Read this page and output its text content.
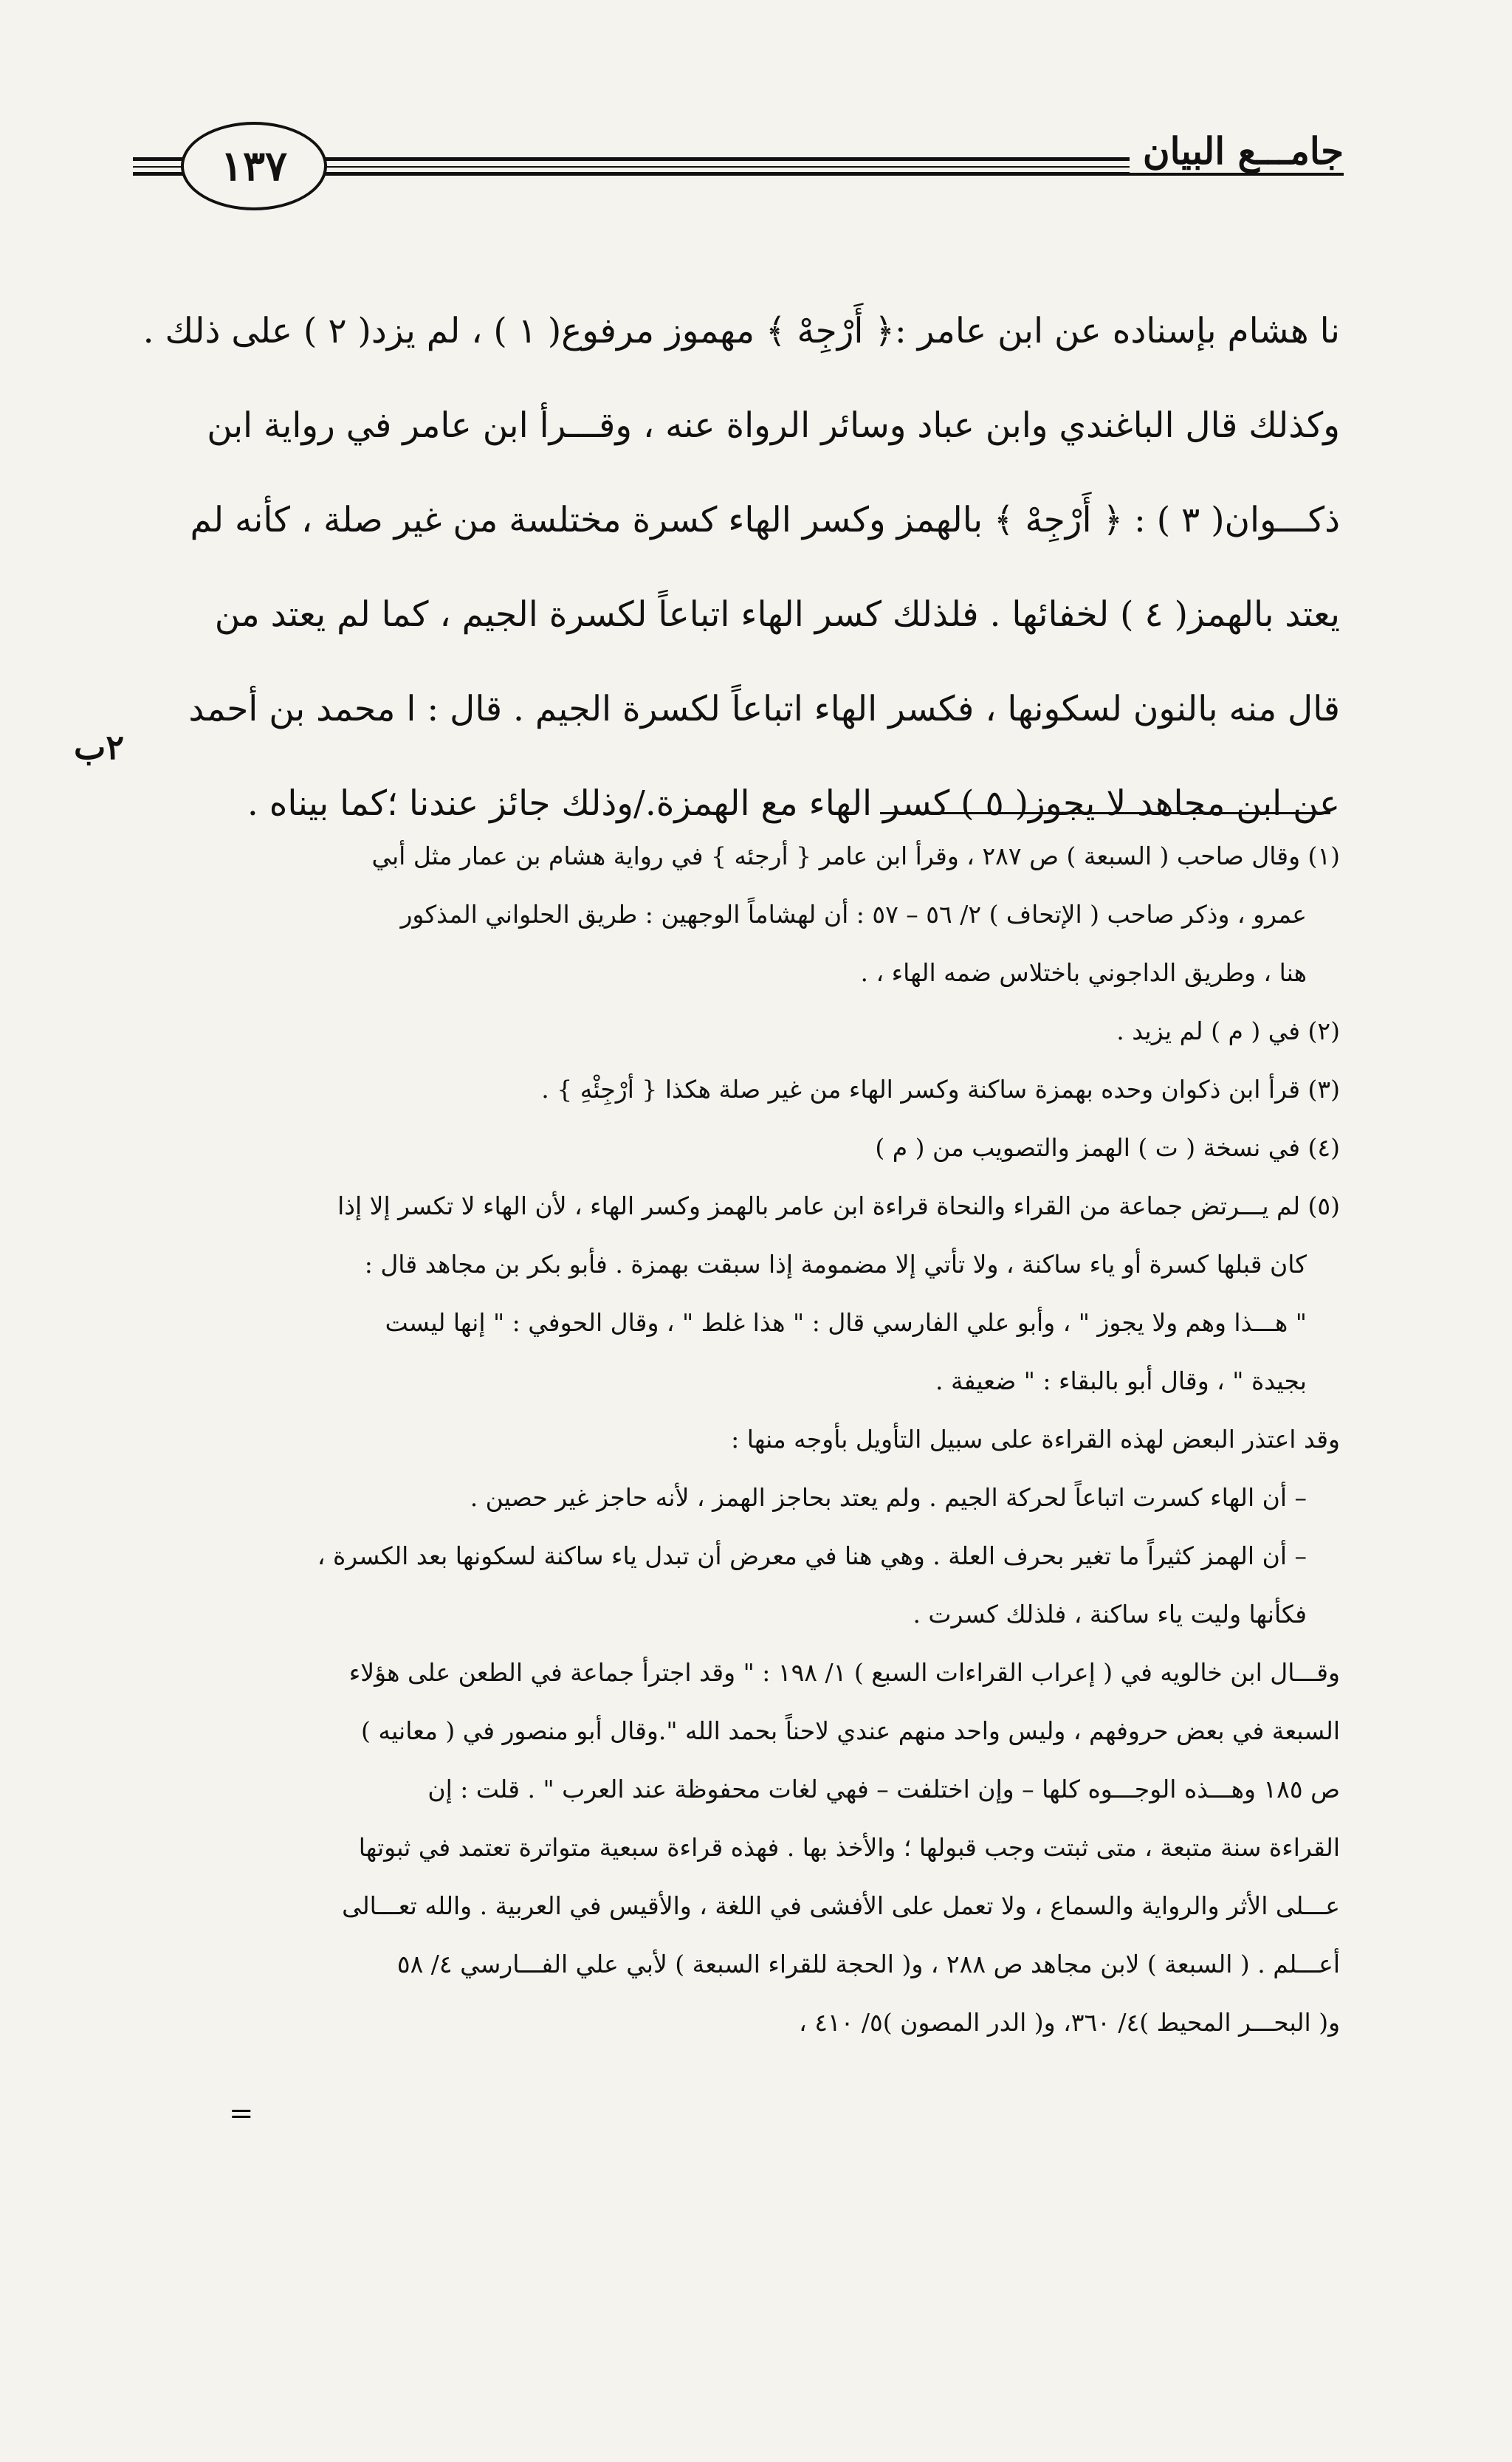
١٣٧	جامـــع البيان

نا هشام بإسناده عن ابن عامر :﴿ أَرْجِهْ ﴾ مهموز مرفوع( ١ ) ، لم يزد( ٢ ) على ذلك .

وكذلك قال الباغندي وابن عباد وسائر الرواة عنه ، وقـــرأ ابن عامر في رواية ابن

ذكـــوان( ٣ ) : ﴿ أَرْجِهْ ﴾ بالهمز وكسر الهاء كسرة مختلسة من غير صلة ، كأنه لم

يعتد بالهمز( ٤ ) لخفائها . فلذلك كسر الهاء اتباعاً لكسرة الجيم ، كما لم يعتد من

قال منه بالنون لسكونها ، فكسر الهاء اتباعاً لكسرة الجيم . قال : ا محمد بن أحمد

عن ابن مجاهد لا يجوز( ٥ ) كسر الهاء مع الهمزة./وذلك جائز عندنا ؛كما بيناه .

٢ب

(١) وقال صاحب ( السبعة ) ص ٢٨٧ ، وقرأ ابن عامر { أرجئه } في رواية هشام بن عمار مثل أبي

عمرو ، وذكر صاحب ( الإتحاف ) ٢/ ٥٦ – ٥٧ : أن لهشاماً الوجهين : طريق الحلواني المذكور

هنا ، وطريق الداجوني باختلاس ضمه الهاء ، .

(٢) في ( م ) لم يزيد .

(٣) قرأ ابن ذكوان وحده بهمزة ساكنة وكسر الهاء من غير صلة هكذا { أرْجِئْهِ } .

(٤) في نسخة ( ت ) الهمز والتصويب من ( م )

(٥) لم يـــرتض جماعة من القراء والنحاة قراءة ابن عامر بالهمز وكسر الهاء ، لأن الهاء لا تكسر إلا إذا

كان قبلها كسرة أو ياء ساكنة ، ولا تأتي إلا مضمومة إذا سبقت بهمزة . فأبو بكر بن مجاهد قال :

" هـــذا وهم ولا يجوز " ، وأبو علي الفارسي قال : " هذا غلط " ، وقال الحوفي : " إنها ليست

بجيدة " ، وقال أبو بالبقاء : " ضعيفة .

وقد اعتذر البعض لهذه القراءة على سبيل التأويل بأوجه منها :

– أن الهاء كسرت اتباعاً لحركة الجيم . ولم يعتد بحاجز الهمز ، لأنه حاجز غير حصين .

– أن الهمز كثيراً ما تغير بحرف العلة . وهي هنا في معرض أن تبدل ياء ساكنة لسكونها بعد الكسرة ،

فكأنها وليت ياء ساكنة ، فلذلك كسرت .

وقـــال ابن خالويه في ( إعراب القراءات السبع ) ١/ ١٩٨ : " وقد اجترأ جماعة في الطعن على هؤلاء

السبعة في بعض حروفهم ، وليس واحد منهم عندي لاحناً بحمد الله ".وقال أبو منصور في ( معانيه )

ص ١٨٥ وهـــذه الوجـــوه كلها – وإن اختلفت – فهي لغات محفوظة عند العرب " . قلت : إن

القراءة سنة متبعة ، متى ثبتت وجب قبولها ؛ والأخذ بها . فهذه قراءة سبعية متواترة تعتمد في ثبوتها

عـــلى الأثر والرواية والسماع ، ولا تعمل على الأفشى في اللغة ، والأقيس في العربية . والله تعـــالى

أعـــلم . ( السبعة ) لابن مجاهد ص ٢٨٨ ، و( الحجة للقراء السبعة ) لأبي علي الفـــارسي ٤/ ٥٨

و( البحـــر المحيط )٤/ ٣٦٠، و( الدر المصون )٥/ ٤١٠ ،

=
